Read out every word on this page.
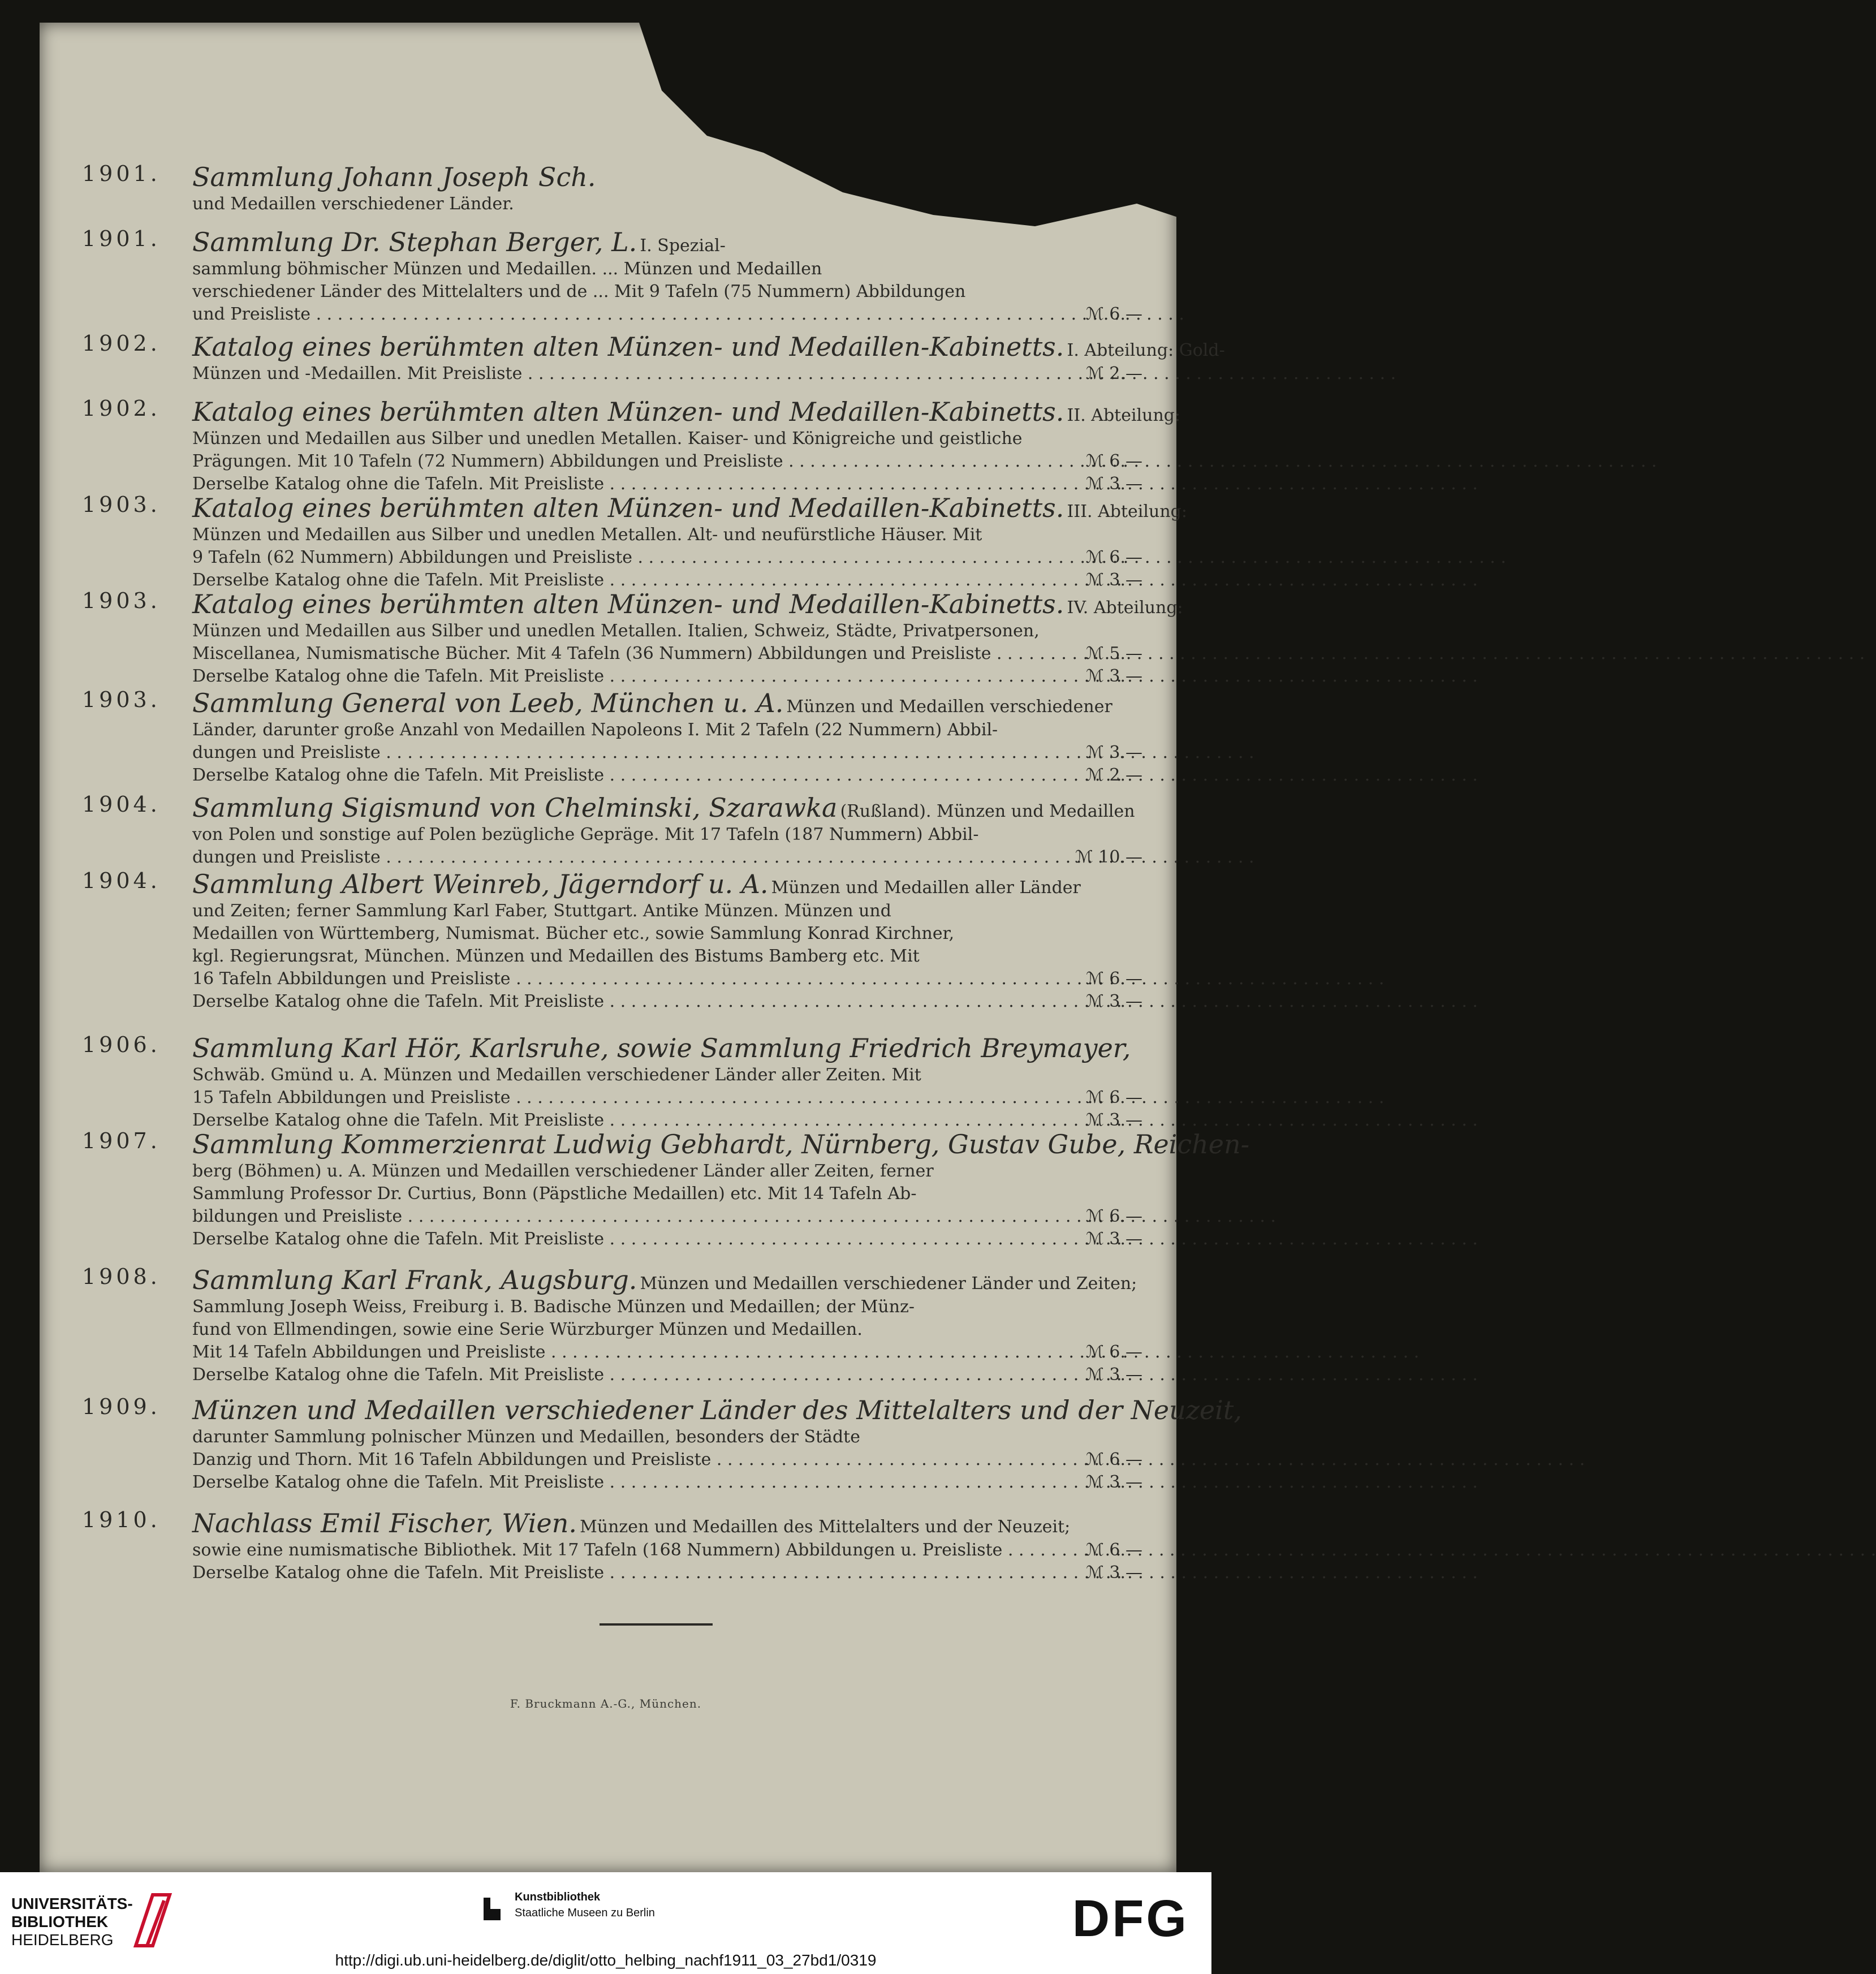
1901. Sammlung Johann Joseph Sch.
und Medaillen verschiedener Länder.
1901. Sammlung Dr. Stephan Berger, L. I. Spezial-
sammlung böhmischer Münzen und Medaillen. ... Münzen und Medaillen
verschiedener Länder des Mittelalters und de ... Mit 9 Tafeln (75 Nummern) Abbildungen
ℳ 6.—
und Preisliste . . .
1902. Katalog eines berühmten alten Münzen- und Medaillen-Kabinetts. I. Abteilung: Gold-
ℳ 2.—
Münzen und -Medaillen. Mit Preisliste . . .
1902. Katalog eines berühmten alten Münzen- und Medaillen-Kabinetts. II. Abteilung:
Münzen und Medaillen aus Silber und unedlen Metallen. Kaiser- und Königreiche und geistliche
ℳ 6.—
Prägungen. Mit 10 Tafeln (72 Nummern) Abbildungen und Preisliste . . .
ℳ 3.—
Derselbe Katalog ohne die Tafeln. Mit Preisliste . . .
1903. Katalog eines berühmten alten Münzen- und Medaillen-Kabinetts. III. Abteilung:
Münzen und Medaillen aus Silber und unedlen Metallen. Alt- und neufürstliche Häuser. Mit
ℳ 6.—
9 Tafeln (62 Nummern) Abbildungen und Preisliste . . .
ℳ 3.—
Derselbe Katalog ohne die Tafeln. Mit Preisliste . . .
1903. Katalog eines berühmten alten Münzen- und Medaillen-Kabinetts. IV. Abteilung:
Münzen und Medaillen aus Silber und unedlen Metallen. Italien, Schweiz, Städte, Privatpersonen,
ℳ 5.—
Miscellanea, Numismatische Bücher. Mit 4 Tafeln (36 Nummern) Abbildungen und Preisliste . . .
ℳ 3.—
Derselbe Katalog ohne die Tafeln. Mit Preisliste . . .
1903. Sammlung General von Leeb, München u. A. Münzen und Medaillen verschiedener
Länder, darunter große Anzahl von Medaillen Napoleons I. Mit 2 Tafeln (22 Nummern) Abbil-
ℳ 3.—
dungen und Preisliste . . .
ℳ 2.—
Derselbe Katalog ohne die Tafeln. Mit Preisliste . . .
1904. Sammlung Sigismund von Chelminski, Szarawka (Rußland). Münzen und Medaillen
von Polen und sonstige auf Polen bezügliche Gepräge. Mit 17 Tafeln (187 Nummern) Abbil-
ℳ 10.—
dungen und Preisliste . . .
1904. Sammlung Albert Weinreb, Jägerndorf u. A. Münzen und Medaillen aller Länder
und Zeiten; ferner Sammlung Karl Faber, Stuttgart. Antike Münzen. Münzen und
Medaillen von Württemberg, Numismat. Bücher etc., sowie Sammlung Konrad Kirchner,
kgl. Regierungsrat, München. Münzen und Medaillen des Bistums Bamberg etc. Mit
ℳ 6.—
16 Tafeln Abbildungen und Preisliste . . .
ℳ 3.—
Derselbe Katalog ohne die Tafeln. Mit Preisliste . . .
1906. Sammlung Karl Hör, Karlsruhe, sowie Sammlung Friedrich Breymayer,
Schwäb. Gmünd u. A. Münzen und Medaillen verschiedener Länder aller Zeiten. Mit
ℳ 6 —
15 Tafeln Abbildungen und Preisliste . . .
ℳ 3.—
Derselbe Katalog ohne die Tafeln. Mit Preisliste . . .
1907. Sammlung Kommerzienrat Ludwig Gebhardt, Nürnberg, Gustav Gube, Reichen-
berg (Böhmen) u. A. Münzen und Medaillen verschiedener Länder aller Zeiten, ferner
Sammlung Professor Dr. Curtius, Bonn (Päpstliche Medaillen) etc. Mit 14 Tafeln Ab-
ℳ 6.—
bildungen und Preisliste . . .
ℳ 3.—
Derselbe Katalog ohne die Tafeln. Mit Preisliste . . .
1908. Sammlung Karl Frank, Augsburg. Münzen und Medaillen verschiedener Länder und Zeiten;
Sammlung Joseph Weiss, Freiburg i. B. Badische Münzen und Medaillen; der Münz-
fund von Ellmendingen, sowie eine Serie Würzburger Münzen und Medaillen.
ℳ 6.—
Mit 14 Tafeln Abbildungen und Preisliste . . .
ℳ 3.—
Derselbe Katalog ohne die Tafeln. Mit Preisliste . . .
1909. Münzen und Medaillen verschiedener Länder des Mittelalters und der Neuzeit,
darunter Sammlung polnischer Münzen und Medaillen, besonders der Städte
ℳ 6.—
Danzig und Thorn. Mit 16 Tafeln Abbildungen und Preisliste . . .
ℳ 3.—
Derselbe Katalog ohne die Tafeln. Mit Preisliste . . .
1910. Nachlass Emil Fischer, Wien. Münzen und Medaillen des Mittelalters und der Neuzeit;
ℳ 6.—
sowie eine numismatische Bibliothek. Mit 17 Tafeln (168 Nummern) Abbildungen u. Preisliste . . .
ℳ 3.—
Derselbe Katalog ohne die Tafeln. Mit Preisliste . . .
F. Bruckmann A.-G., München.
UNIVERSITÄTS-
BIBLIOTHEK
HEIDELBERG
Kunstbibliothek
Staatliche Museen zu Berlin	DFG
http://digi.ub.uni-heidelberg.de/diglit/otto_helbing_nachf1911_03_27bd1/0319
